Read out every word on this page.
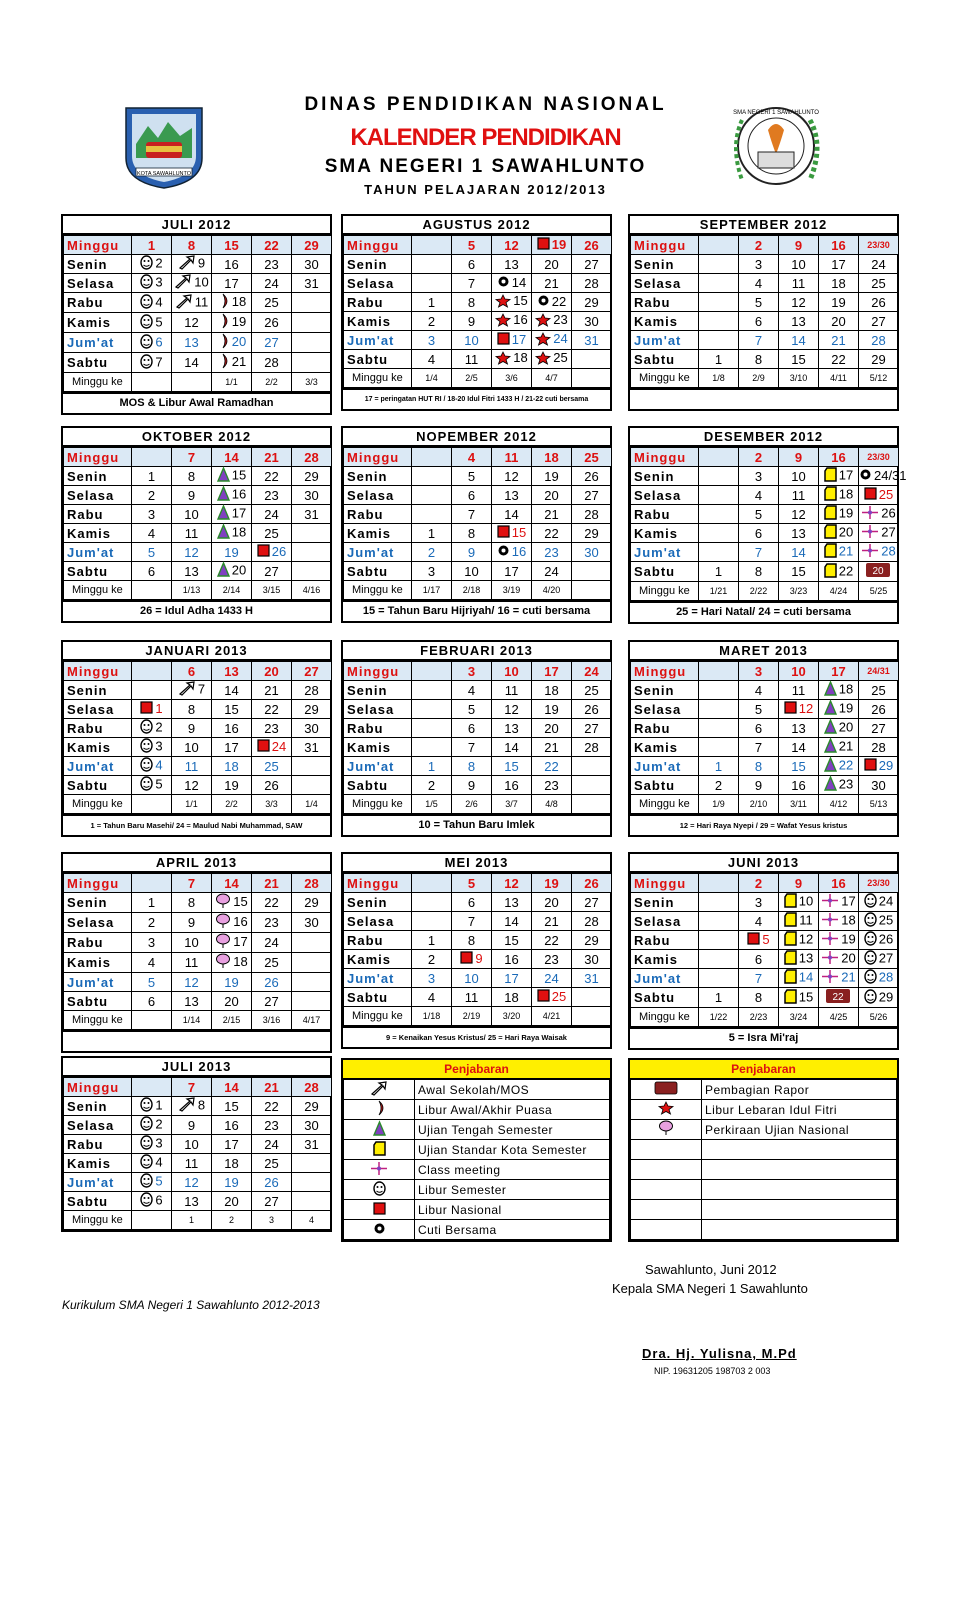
DINAS PENDIDIKAN NASIONAL
KALENDER PENDIDIKAN
SMA NEGERI 1 SAWAHLUNTO
TAHUN PELAJARAN 2012/2013
KOTA SAWAHLUNTO
SMA NEGERI 1 SAWAHLUNTO
JULI 2012
Minggu	1	8	15	22	29
Senin	2	9	16	23	30
Selasa	3	10	17	24	31
Rabu	4	11	18	25	
Kamis	5	12	19	26	
Jum'at	6	13	20	27	
Sabtu	7	14	21	28	
Minggu ke			1/1	2/2	3/3
MOS & Libur Awal Ramadhan
AGUSTUS 2012
Minggu		5	12	19	26
Senin		6	13	20	27
Selasa		7	14	21	28
Rabu	1	8	15	22	29
Kamis	2	9	16	23	30
Jum'at	3	10	17	24	31
Sabtu	4	11	18	25	
Minggu ke	1/4	2/5	3/6	4/7	
17 = peringatan HUT RI / 18-20 Idul Fitri 1433 H / 21-22 cuti bersama
SEPTEMBER 2012
Minggu		2	9	16	23/30
Senin		3	10	17	24
Selasa		4	11	18	25
Rabu		5	12	19	26
Kamis		6	13	20	27
Jum'at		7	14	21	28
Sabtu	1	8	15	22	29
Minggu ke	1/8	2/9	3/10	4/11	5/12
OKTOBER 2012
Minggu		7	14	21	28
Senin	1	8	15	22	29
Selasa	2	9	16	23	30
Rabu	3	10	17	24	31
Kamis	4	11	18	25	
Jum'at	5	12	19	26	
Sabtu	6	13	20	27	
Minggu ke		1/13	2/14	3/15	4/16
26 = Idul Adha 1433 H
NOPEMBER 2012
Minggu		4	11	18	25
Senin		5	12	19	26
Selasa		6	13	20	27
Rabu		7	14	21	28
Kamis	1	8	15	22	29
Jum'at	2	9	16	23	30
Sabtu	3	10	17	24	
Minggu ke	1/17	2/18	3/19	4/20	
15 = Tahun Baru Hijriyah/ 16 = cuti bersama
DESEMBER 2012
Minggu		2	9	16	23/30
Senin		3	10	17	24/31
Selasa		4	11	18	25
Rabu		5	12	19	26
Kamis		6	13	20	27
Jum'at		7	14	21	28
Sabtu	1	8	15	22	20

Minggu ke	1/21	2/22	3/23	4/24	5/25
25 = Hari Natal/ 24 = cuti bersama
JANUARI 2013
Minggu		6	13	20	27
Senin		7	14	21	28
Selasa	1	8	15	22	29
Rabu	2	9	16	23	30
Kamis	3	10	17	24	31
Jum'at	4	11	18	25	
Sabtu	5	12	19	26	
Minggu ke		1/1	2/2	3/3	1/4
1 = Tahun Baru Masehi/ 24 = Maulud Nabi Muhammad, SAW
FEBRUARI 2013
Minggu		3	10	17	24
Senin		4	11	18	25
Selasa		5	12	19	26
Rabu		6	13	20	27
Kamis		7	14	21	28
Jum'at	1	8	15	22	
Sabtu	2	9	16	23	
Minggu ke	1/5	2/6	3/7	4/8	
10 = Tahun Baru Imlek
MARET 2013
Minggu		3	10	17	24/31
Senin		4	11	18	25
Selasa		5	12	19	26
Rabu		6	13	20	27
Kamis		7	14	21	28
Jum'at	1	8	15	22	29
Sabtu	2	9	16	23	30
Minggu ke	1/9	2/10	3/11	4/12	5/13
12 = Hari Raya Nyepi / 29 = Wafat Yesus kristus
APRIL 2013
Minggu		7	14	21	28
Senin	1	8	15	22	29
Selasa	2	9	16	23	30
Rabu	3	10	17	24	
Kamis	4	11	18	25	
Jum'at	5	12	19	26	
Sabtu	6	13	20	27	
Minggu ke		1/14	2/15	3/16	4/17
MEI 2013
Minggu		5	12	19	26
Senin		6	13	20	27
Selasa		7	14	21	28
Rabu	1	8	15	22	29
Kamis	2	9	16	23	30
Jum'at	3	10	17	24	31
Sabtu	4	11	18	25	
Minggu ke	1/18	2/19	3/20	4/21	
9 = Kenaikan Yesus Kristus/ 25 = Hari Raya Waisak
JUNI 2013
Minggu		2	9	16	23/30
Senin		3	10	17	24
Selasa		4	11	18	25
Rabu		5	12	19	26
Kamis		6	13	20	27
Jum'at		7	14	21	28
Sabtu	1	8	15	22	29
Minggu ke	1/22	2/23	3/24	4/25	5/26
5 = Isra Mi'raj
JULI 2013
Minggu		7	14	21	28
Senin	1	8	15	22	29
Selasa	2	9	16	23	30
Rabu	3	10	17	24	31
Kamis	4	11	18	25	
Jum'at	5	12	19	26	
Sabtu	6	13	20	27	
Minggu ke		1	2	3	4
Penjabaran
	Awal Sekolah/MOS
	Libur Awal/Akhir Puasa
	Ujian Tengah Semester
	Ujian Standar Kota Semester
	Class meeting
	Libur Semester
	Libur Nasional
	Cuti Bersama
Penjabaran
	Pembagian Rapor
	Libur Lebaran Idul Fitri
	Perkiraan Ujian Nasional

Sawahlunto, Juni 2012
Kepala SMA Negeri 1 Sawahlunto
Kurikulum SMA Negeri 1 Sawahlunto 2012-2013
Dra. Hj. Yulisna, M.Pd
NIP. 19631205 198703 2 003
